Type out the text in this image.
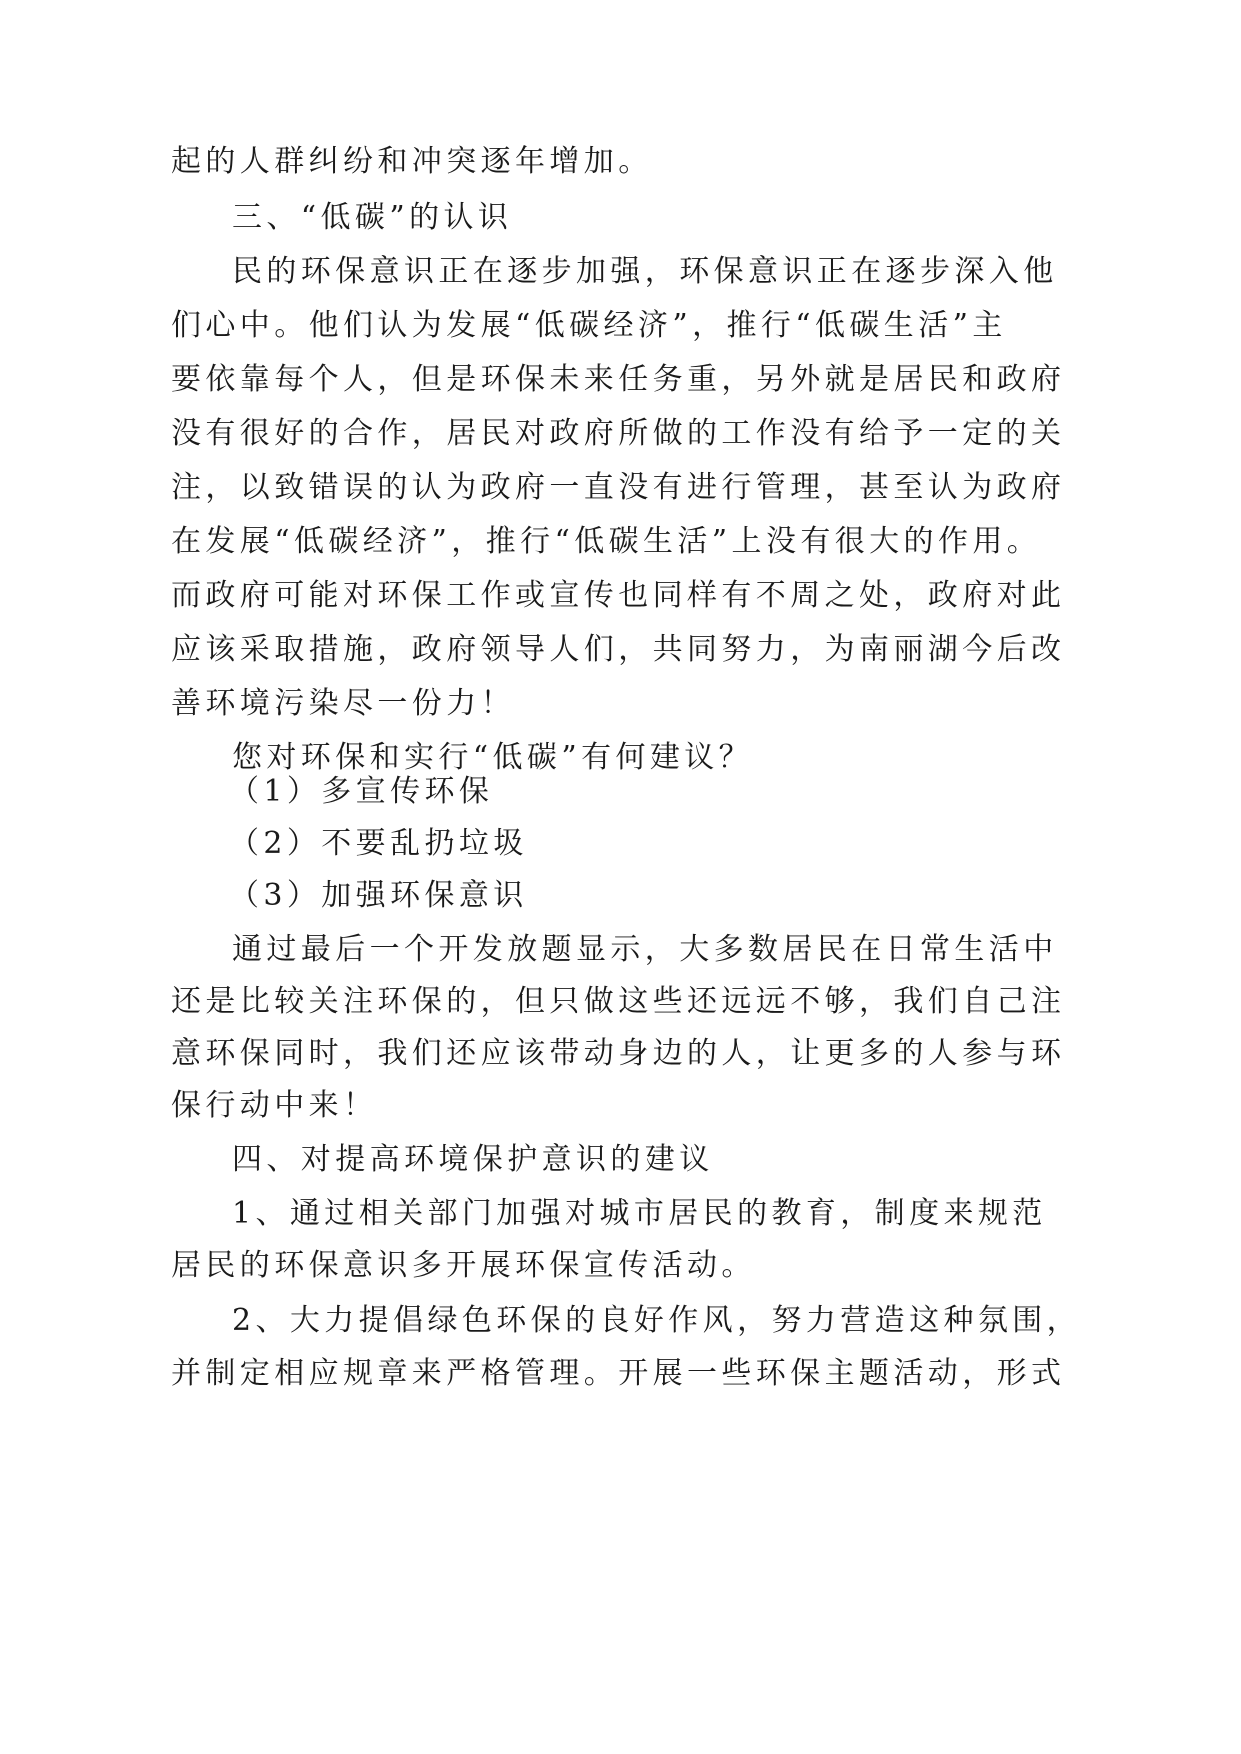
起的人群纠纷和冲突逐年增加。
三、“低碳”的认识
民的环保意识正在逐步加强，环保意识正在逐步深入他
们心中。他们认为发展“低碳经济”，推行“低碳生活”主
要依靠每个人，但是环保未来任务重，另外就是居民和政府
没有很好的合作，居民对政府所做的工作没有给予一定的关
注，以致错误的认为政府一直没有进行管理，甚至认为政府
在发展“低碳经济”，推行“低碳生活”上没有很大的作用。
而政府可能对环保工作或宣传也同样有不周之处，政府对此
应该采取措施，政府领导人们，共同努力，为南丽湖今后改
善环境污染尽一份力！
您对环保和实行“低碳”有何建议？
（1）多宣传环保
（2）不要乱扔垃圾
（3）加强环保意识
通过最后一个开发放题显示，大多数居民在日常生活中
还是比较关注环保的，但只做这些还远远不够，我们自己注
意环保同时，我们还应该带动身边的人，让更多的人参与环
保行动中来！
四、对提高环境保护意识的建议
1、通过相关部门加强对城市居民的教育，制度来规范
居民的环保意识多开展环保宣传活动。
2、大力提倡绿色环保的良好作风，努力营造这种氛围，
并制定相应规章来严格管理。开展一些环保主题活动，形式
